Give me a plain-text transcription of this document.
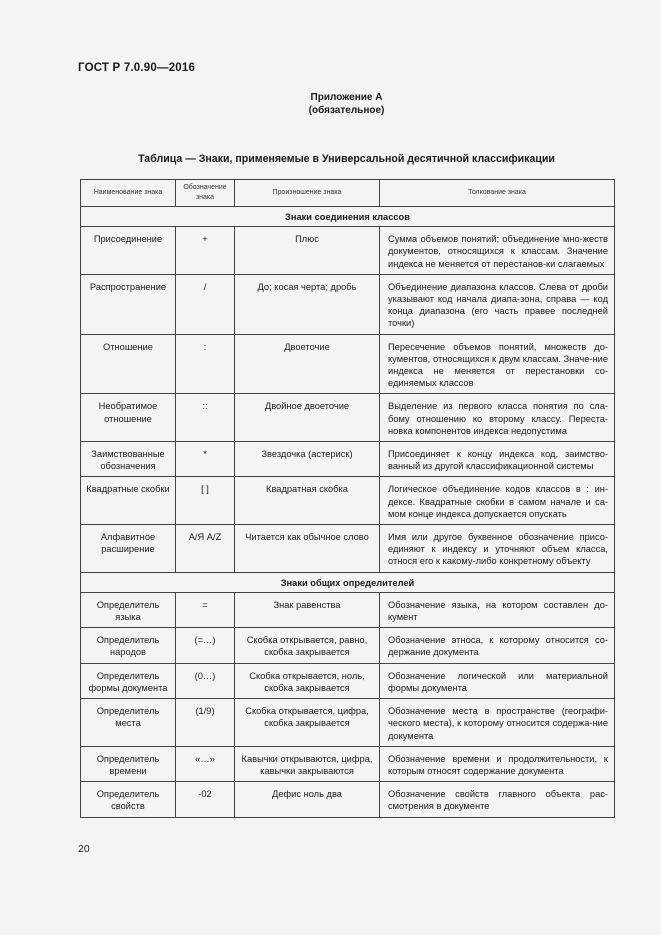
ГОСТ Р 7.0.90—2016
Приложение А
(обязательное)
Таблица — Знаки, применяемые в Универсальной десятичной классификации
Наименование знака	Обозначение знака	Произношение знака	Толкование знака
Знаки соединения классов			
Присоединение	+	Плюс	Сумма объемов понятий; объединение мно-жеств документов, относящихся к классам. Значение индекса не меняется от перестанов-ки слагаемых
Распространение	/	До; косая черта; дробь	Объединение диапазона классов. Слева от дроби указывают код начала диапа-зона, справа — код конца диапазона (его часть правее последней точки)
Отношение	:	Двоеточие	Пересечение объемов понятий, множеств до-кументов, относящихся к двум классам. Значе-ние индекса не меняется от перестановки со-единяемых классов
Необратимое отношение	::	Двойное двоеточие	Выделение из первого класса понятия по сла-бому отношению ко второму классу. Переста-новка компонентов индекса недопустима
Заимствованные обозначения	*	Звездочка (астериск)	Присоединяет к концу индекса код, заимство-ванный из другой классификационной системы
Квадратные скобки	[ ]	Квадратная скобка	Логическое объединение кодов классов в : ин-дексе. Квадратные скобки в самом начале и са-мом конце индекса допускается опускать
Алфавитное расширение	А/Я А/Z	Читается как обычное слово	Имя или другое буквенное обозначение присо-единяют к индексу и уточняют объем класса, относя его к какому-либо конкретному объекту
Знаки общих определителей			
Определитель языка	=	Знак равенства	Обозначение языка, на котором составлен до-кумент
Определитель народов	(=…)	Скобка открывается, равно, скобка закрывается	Обозначение этноса, к которому относится со-держание документа
Определитель формы документа	(0…)	Скобка открывается, ноль, скобка закрывается	Обозначение логической или материальной формы документа
Определитель места	(1/9)	Скобка открывается, цифра, скобка закрывается	Обозначение места в пространстве (географи-ческого места), к которому относится содержа-ние документа
Определитель времени	«…»	Кавычки открываются, цифра, кавычки закрываются	Обозначение времени и продолжительности, к которым относят содержание документа
Определитель свойств	-02	Дефис ноль два	Обозначение свойств главного объекта рас-смотрения в документе
20
